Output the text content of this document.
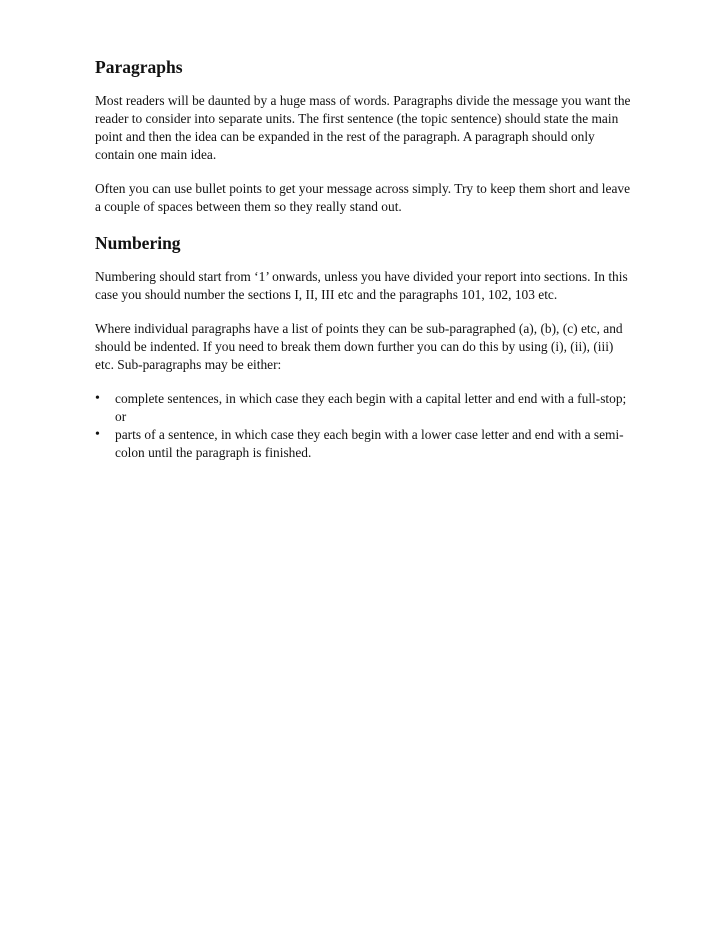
Paragraphs

Most readers will be daunted by a huge mass of words. Paragraphs divide the message you want the reader to consider into separate units. The first sentence (the topic sentence) should state the main point and then the idea can be expanded in the rest of the paragraph. A paragraph should only contain one main idea.

Often you can use bullet points to get your message across simply. Try to keep them short and leave a couple of spaces between them so they really stand out.

Numbering

Numbering should start from ‘1’ onwards, unless you have divided your report into sections. In this case you should number the sections I, II, III etc and the paragraphs 101, 102, 103 etc.

Where individual paragraphs have a list of points they can be sub-paragraphed (a), (b), (c) etc, and should be indented. If you need to break them down further you can do this by using (i), (ii), (iii) etc. Sub-paragraphs may be either:

• complete sentences, in which case they each begin with a capital letter and end with a full-stop; or
• parts of a sentence, in which case they each begin with a lower case letter and end with a semi-colon until the paragraph is finished.
